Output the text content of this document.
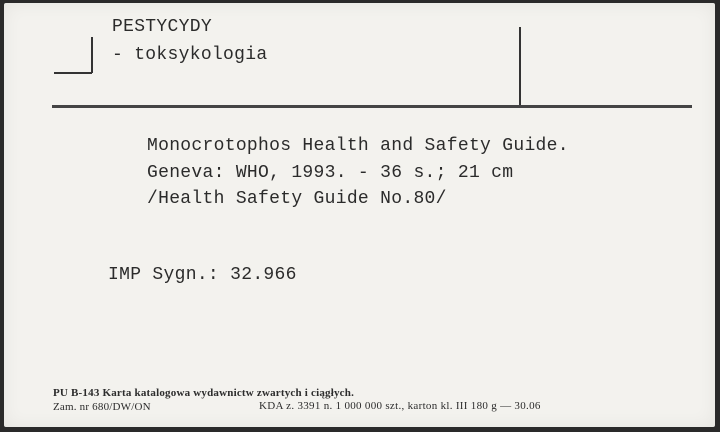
PESTYCYDY
- toksykologia
Monocrotophos Health and Safety Guide.
Geneva: WHO, 1993. - 36 s.; 21 cm
/Health Safety Guide No.80/
IMP Sygn.: 32.966
PU B-143 Karta katalogowa wydawnictw zwartych i ciągłych.
Zam. nr 680/DW/ON	KDA z. 3391 n. 1 000 000 szt., karton kl. III 180 g — 30.06
